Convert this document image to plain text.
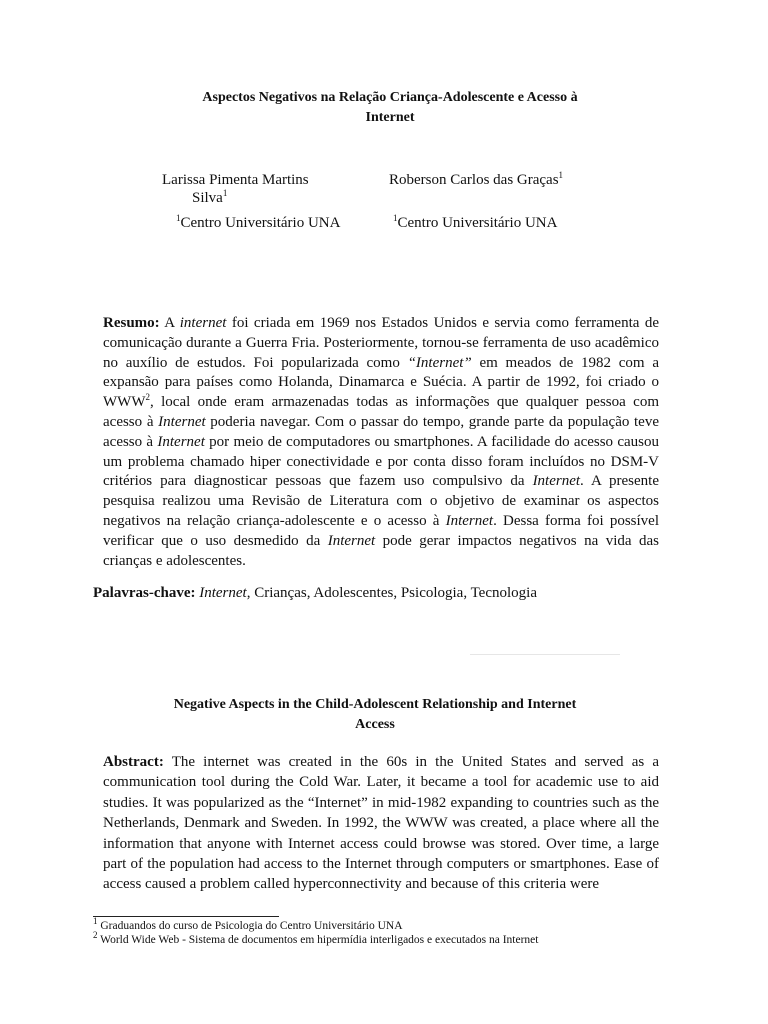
Aspectos Negativos na Relação Criança-Adolescente e Acesso à
Internet
Larissa Pimenta Martins
Silva$^1$
Roberson Carlos das Graças$^1$
$^1$Centro Universitário UNA	$^1$Centro Universitário UNA
Resumo: A internet foi criada em 1969 nos Estados Unidos e servia como ferramenta de comunicação durante a Guerra Fria. Posteriormente, tornou-se ferramenta de uso acadêmico no auxílio de estudos. Foi popularizada como “Internet” em meados de 1982 com a expansão para países como Holanda, Dinamarca e Suécia. A partir de 1992, foi criado o WWW$^2$, local onde eram armazenadas todas as informações que qualquer pessoa com acesso à Internet poderia navegar. Com o passar do tempo, grande parte da população teve acesso à Internet por meio de computadores ou smartphones. A facilidade do acesso causou um problema chamado hiper conectividade e por conta disso foram incluídos no DSM-V critérios para diagnosticar pessoas que fazem uso compulsivo da Internet. A presente pesquisa realizou uma Revisão de Literatura com o objetivo de examinar os aspectos negativos na relação criança-adolescente e o acesso à Internet. Dessa forma foi possível verificar que o uso desmedido da Internet pode gerar impactos negativos na vida das crianças e adolescentes.
Palavras-chave: Internet, Crianças, Adolescentes, Psicologia, Tecnologia
Negative Aspects in the Child-Adolescent Relationship and Internet
Access
Abstract: The internet was created in the 60s in the United States and served as a communication tool during the Cold War. Later, it became a tool for academic use to aid studies. It was popularized as the “Internet” in mid-1982 expanding to countries such as the Netherlands, Denmark and Sweden. In 1992, the WWW was created, a place where all the information that anyone with Internet access could browse was stored. Over time, a large part of the population had access to the Internet through computers or smartphones. Ease of access caused a problem called hyperconnectivity and because of this criteria were
$^1$ Graduandos do curso de Psicologia do Centro Universitário UNA
$^2$ World Wide Web - Sistema de documentos em hipermídia interligados e executados na Internet
